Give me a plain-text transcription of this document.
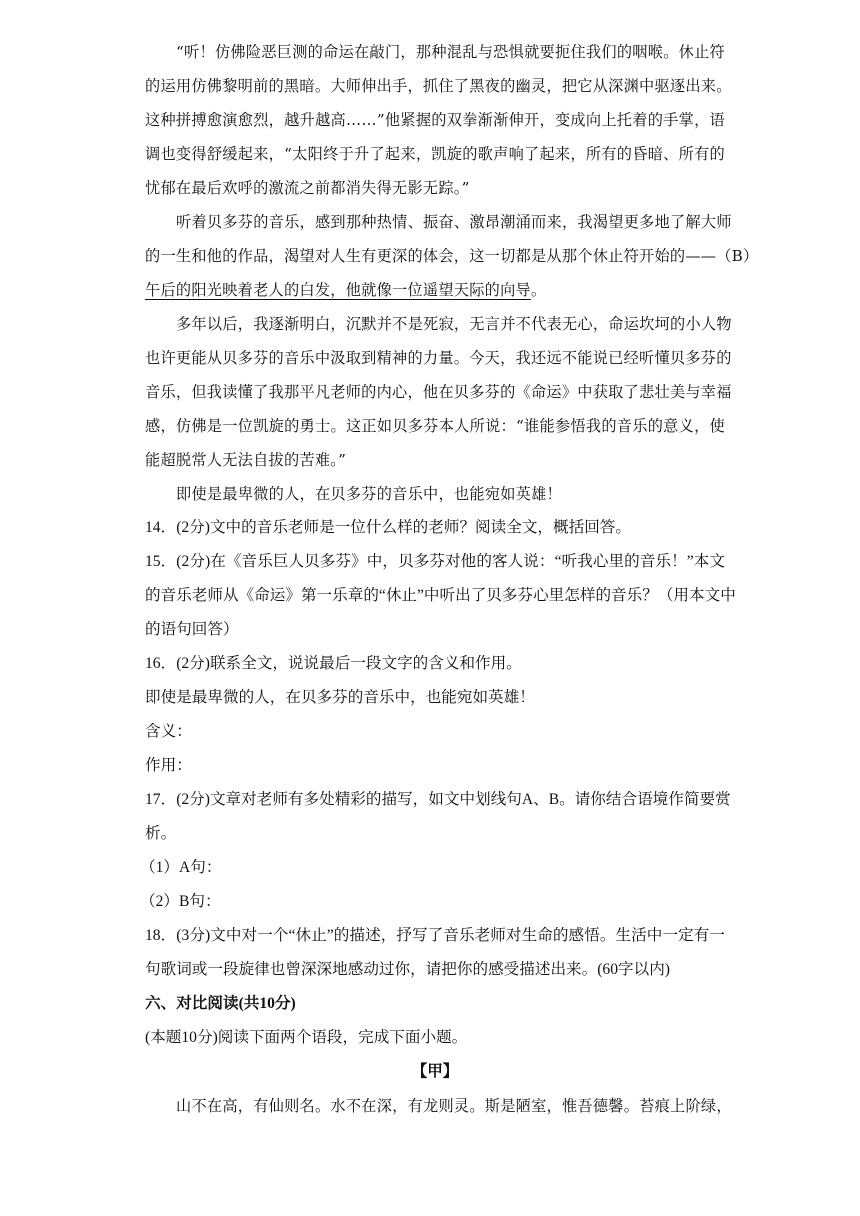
“听！仿佛险恶巨测的命运在敲门，那种混乱与恐惧就要扼住我们的咽喉。休止符
的运用仿佛黎明前的黑暗。大师伸出手，抓住了黑夜的幽灵，把它从深渊中驱逐出来。
这种拼搏愈演愈烈，越升越高……”他紧握的双拳渐渐伸开，变成向上托着的手掌，语
调也变得舒缓起来，“太阳终于升了起来，凯旋的歌声响了起来，所有的昏暗、所有的
忧郁在最后欢呼的激流之前都消失得无影无踪。”
听着贝多芬的音乐，感到那种热情、振奋、激昂潮涌而来，我渴望更多地了解大师
的一生和他的作品，渴望对人生有更深的体会，这一切都是从那个休止符开始的——（B）
午后的阳光映着老人的白发，他就像一位遥望天际的向导。
多年以后，我逐渐明白，沉默并不是死寂，无言并不代表无心，命运坎坷的小人物
也许更能从贝多芬的音乐中汲取到精神的力量。今天，我还远不能说已经听懂贝多芬的
音乐，但我读懂了我那平凡老师的内心，他在贝多芬的《命运》中获取了悲壮美与幸福
感，仿佛是一位凯旋的勇士。这正如贝多芬本人所说：“谁能参悟我的音乐的意义，使
能超脱常人无法自拔的苦难。”
即使是最卑微的人，在贝多芬的音乐中，也能宛如英雄！
14．(2分)文中的音乐老师是一位什么样的老师？阅读全文，概括回答。
15．(2分)在《音乐巨人贝多芬》中，贝多芬对他的客人说：“听我心里的音乐！”本文
的音乐老师从《命运》第一乐章的“休止”中听出了贝多芬心里怎样的音乐？（用本文中
的语句回答）
16．(2分)联系全文，说说最后一段文字的含义和作用。
即使是最卑微的人，在贝多芬的音乐中，也能宛如英雄！
含义：
作用：
17．(2分)文章对老师有多处精彩的描写，如文中划线句A、B。请你结合语境作简要赏
析。
（1）A句：
（2）B句：
18．(3分)文中对一个“休止”的描述，抒写了音乐老师对生命的感悟。生活中一定有一
句歌词或一段旋律也曾深深地感动过你，请把你的感受描述出来。(60字以内)
六、对比阅读(共10分)
(本题10分)阅读下面两个语段，完成下面小题。
【甲】
山不在高，有仙则名。水不在深，有龙则灵。斯是陋室，惟吾德馨。苔痕上阶绿，
